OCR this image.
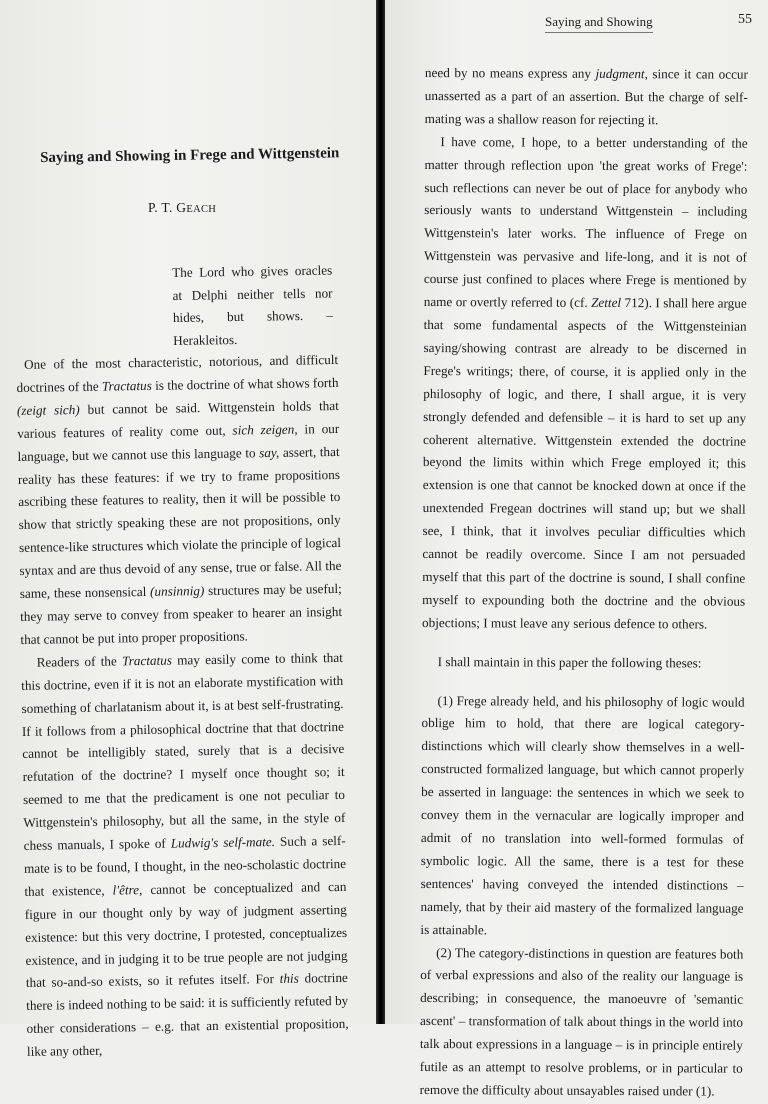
Saying and Showing in Frege and Wittgenstein
P. T. GEACH
The Lord who gives oracles at Delphi neither tells nor hides, but shows. – Herakleitos.

One of the most characteristic, notorious, and difficult doctrines of the Tractatus is the doctrine of what shows forth (zeigt sich) but cannot be said. Wittgenstein holds that various features of reality come out, sich zeigen, in our language, but we cannot use this language to say, assert, that reality has these features: if we try to frame propositions ascribing these features to reality, then it will be possible to show that strictly speaking these are not propositions, only sentence-like structures which violate the principle of logical syntax and are thus devoid of any sense, true or false. All the same, these nonsensical (unsinnig) structures may be useful; they may serve to convey from speaker to hearer an insight that cannot be put into proper propositions.

Readers of the Tractatus may easily come to think that this doctrine, even if it is not an elaborate mystification with something of charlatanism about it, is at best self-frustrating. If it follows from a philosophical doctrine that that doctrine cannot be intelligibly stated, surely that is a decisive refutation of the doctrine? I myself once thought so; it seemed to me that the predicament is one not peculiar to Wittgenstein's philosophy, but all the same, in the style of chess manuals, I spoke of Ludwig's self-mate. Such a self-mate is to be found, I thought, in the neo-scholastic doctrine that existence, l'être, cannot be conceptualized and can figure in our thought only by way of judgment asserting existence: but this very doctrine, I protested, conceptualizes existence, and in judging it to be true people are not judging that so-and-so exists, so it refutes itself. For this doctrine there is indeed nothing to be said: it is sufficiently refuted by other considerations – e.g. that an existential proposition, like any other,

Saying and Showing	55

need by no means express any judgment, since it can occur unasserted as a part of an assertion. But the charge of self-mating was a shallow reason for rejecting it.

I have come, I hope, to a better understanding of the matter through reflection upon 'the great works of Frege': such reflections can never be out of place for anybody who seriously wants to understand Wittgenstein – including Wittgenstein's later works. The influence of Frege on Wittgenstein was pervasive and life-long, and it is not of course just confined to places where Frege is mentioned by name or overtly referred to (cf. Zettel 712). I shall here argue that some fundamental aspects of the Wittgensteinian saying/showing contrast are already to be discerned in Frege's writings; there, of course, it is applied only in the philosophy of logic, and there, I shall argue, it is very strongly defended and defensible – it is hard to set up any coherent alternative. Wittgenstein extended the doctrine beyond the limits within which Frege employed it; this extension is one that cannot be knocked down at once if the unextended Fregean doctrines will stand up; but we shall see, I think, that it involves peculiar difficulties which cannot be readily overcome. Since I am not persuaded myself that this part of the doctrine is sound, I shall confine myself to expounding both the doctrine and the obvious objections; I must leave any serious defence to others.

I shall maintain in this paper the following theses:

(1) Frege already held, and his philosophy of logic would oblige him to hold, that there are logical category-distinctions which will clearly show themselves in a well-constructed formalized language, but which cannot properly be asserted in language: the sentences in which we seek to convey them in the vernacular are logically improper and admit of no translation into well-formed formulas of symbolic logic. All the same, there is a test for these sentences' having conveyed the intended distinctions – namely, that by their aid mastery of the formalized language is attainable.

(2) The category-distinctions in question are features both of verbal expressions and also of the reality our language is describing; in consequence, the manoeuvre of 'semantic ascent' – transformation of talk about things in the world into talk about expressions in a language – is in principle entirely futile as an attempt to resolve problems, or in particular to remove the difficulty about unsayables raised under (1).
